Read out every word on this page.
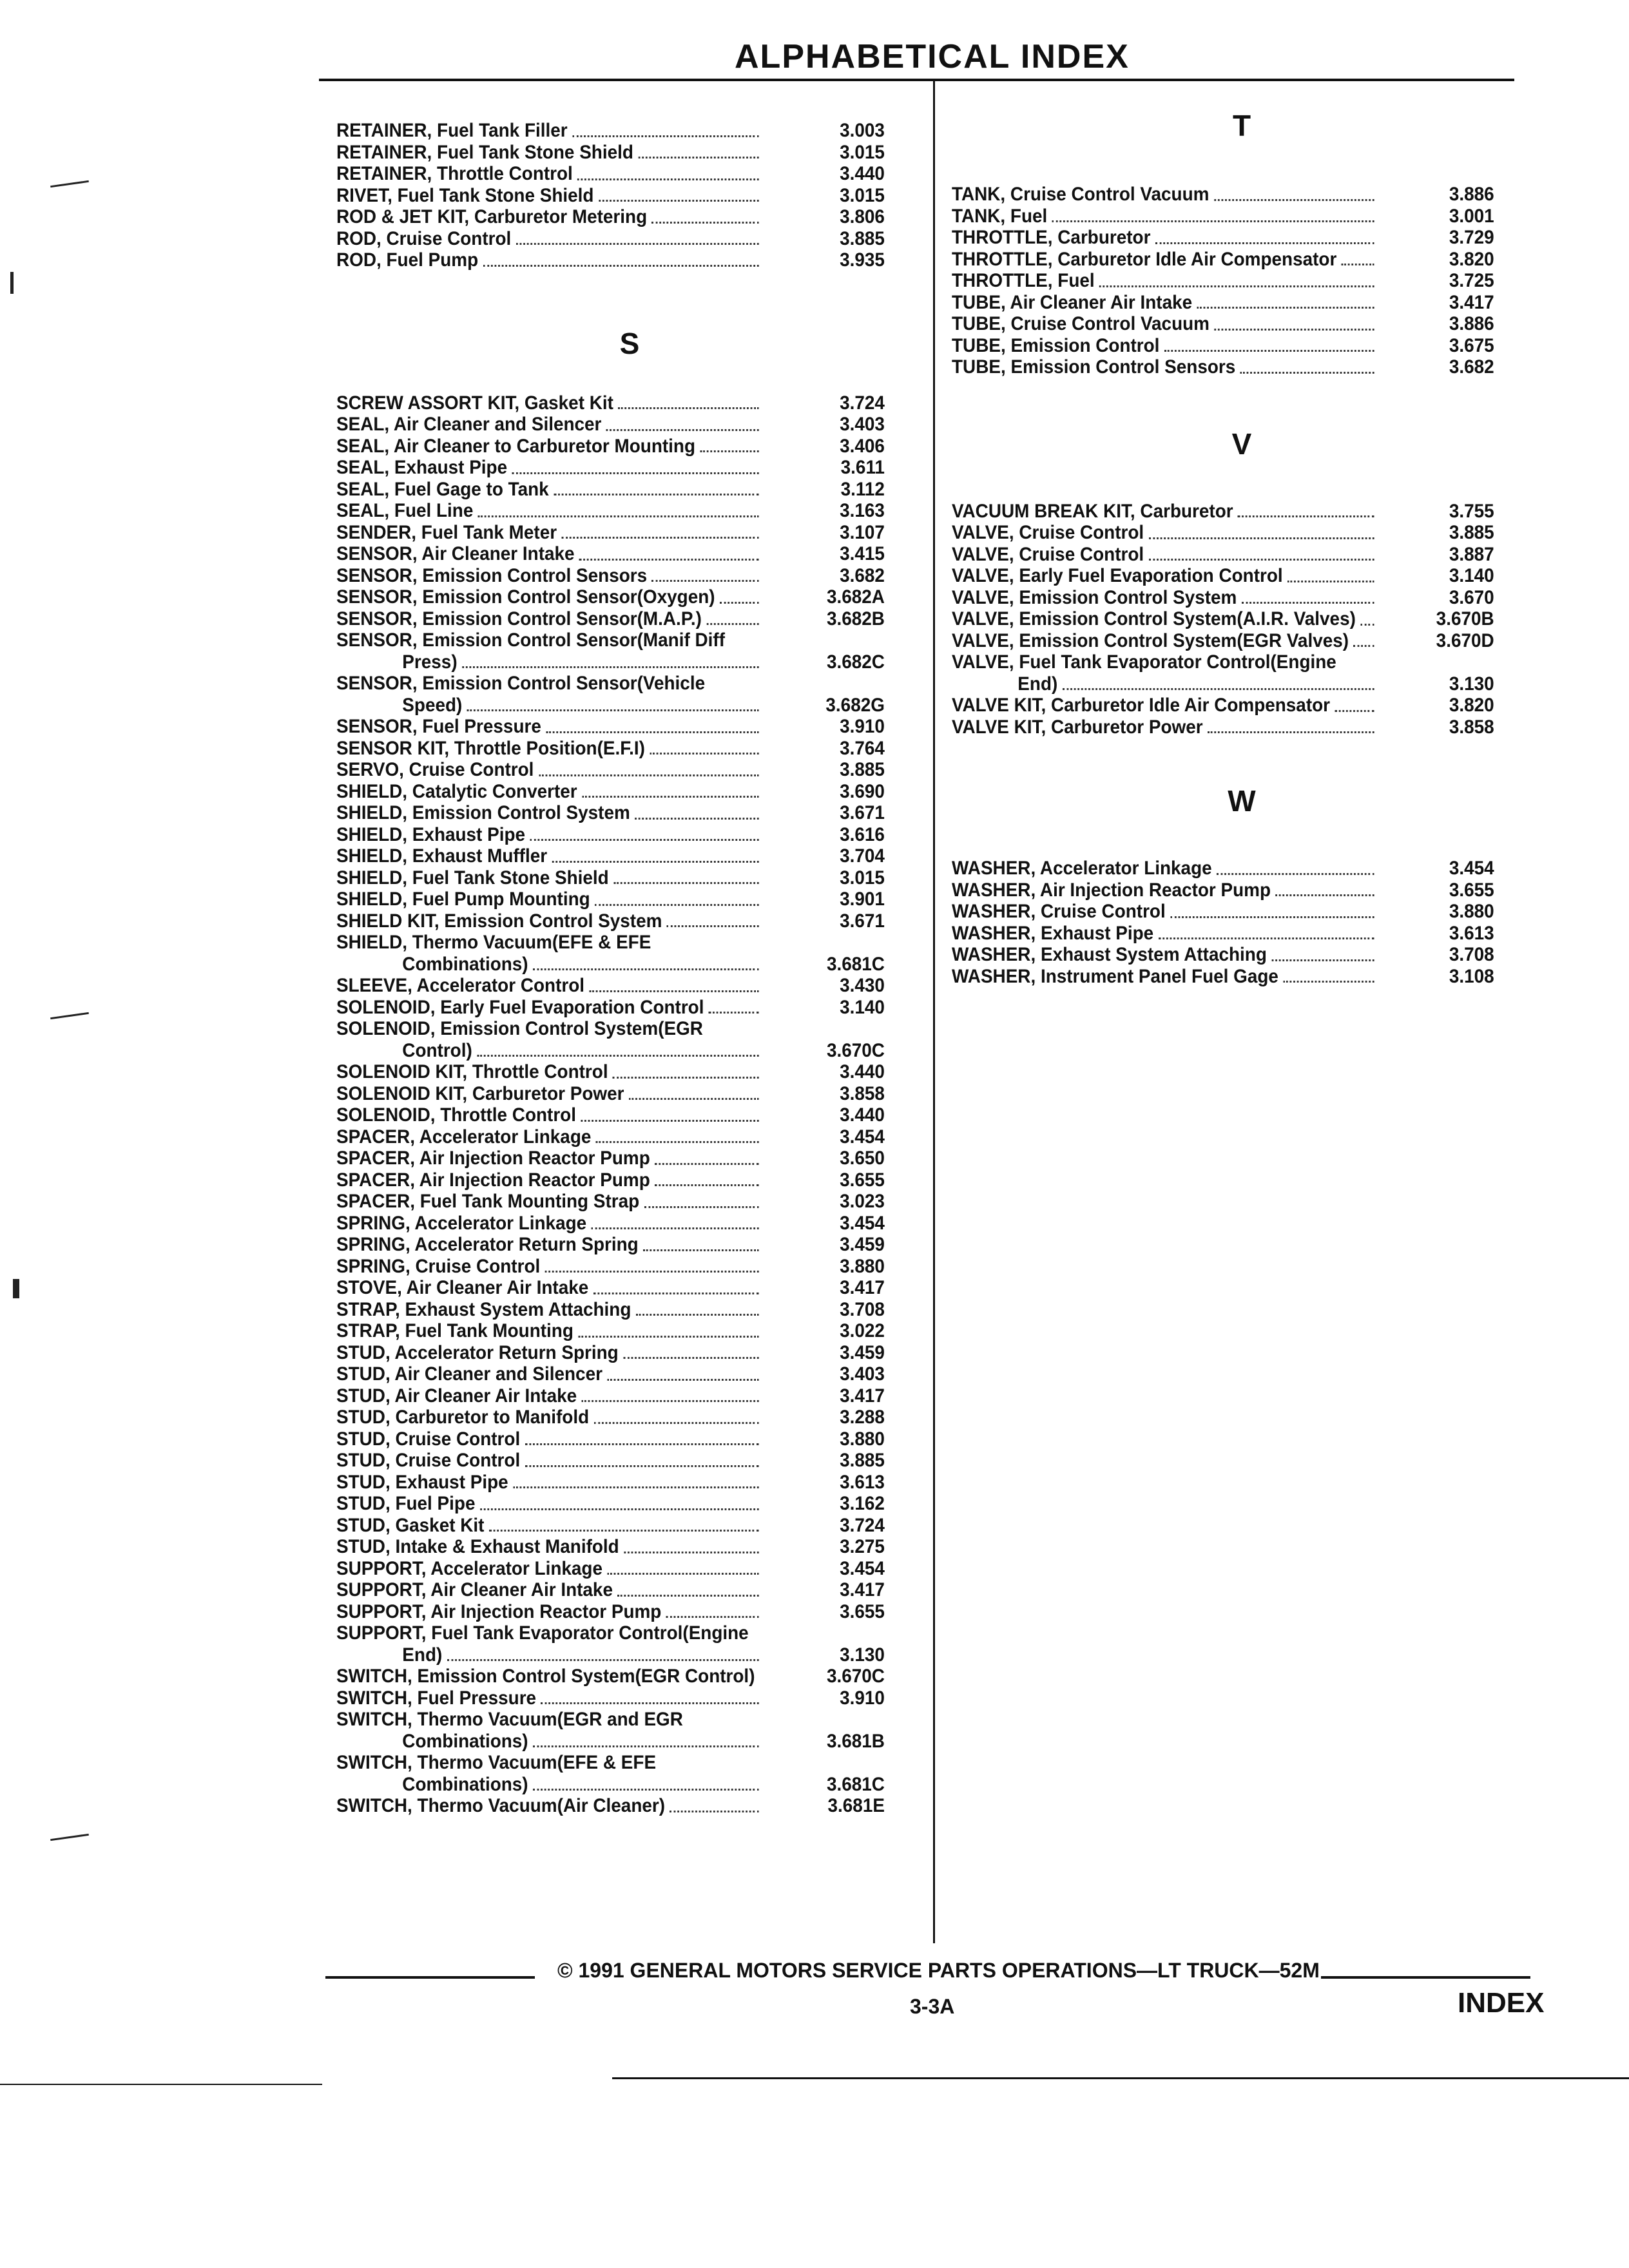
ALPHABETICAL INDEX
RETAINER, Fuel Tank Filler	3.003
RETAINER, Fuel Tank Stone Shield	3.015
RETAINER, Throttle Control	3.440
RIVET, Fuel Tank Stone Shield	3.015
ROD & JET KIT, Carburetor Metering	3.806
ROD, Cruise Control	3.885
ROD, Fuel Pump	3.935
S
SCREW ASSORT KIT, Gasket Kit	3.724
SEAL, Air Cleaner and Silencer	3.403
SEAL, Air Cleaner to Carburetor Mounting	3.406
SEAL, Exhaust Pipe	3.611
SEAL, Fuel Gage to Tank	3.112
SEAL, Fuel Line	3.163
SENDER, Fuel Tank Meter	3.107
SENSOR, Air Cleaner Intake	3.415
SENSOR, Emission Control Sensors	3.682
SENSOR, Emission Control Sensor(Oxygen)	3.682A
SENSOR, Emission Control Sensor(M.A.P.)	3.682B
SENSOR, Emission Control Sensor(Manif Diff
Press)	3.682C
SENSOR, Emission Control Sensor(Vehicle
Speed)	3.682G
SENSOR, Fuel Pressure	3.910
SENSOR KIT, Throttle Position(E.F.I)	3.764
SERVO, Cruise Control	3.885
SHIELD, Catalytic Converter	3.690
SHIELD, Emission Control System	3.671
SHIELD, Exhaust Pipe	3.616
SHIELD, Exhaust Muffler	3.704
SHIELD, Fuel Tank Stone Shield	3.015
SHIELD, Fuel Pump Mounting	3.901
SHIELD KIT, Emission Control System	3.671
SHIELD, Thermo Vacuum(EFE & EFE
Combinations)	3.681C
SLEEVE, Accelerator Control	3.430
SOLENOID, Early Fuel Evaporation Control	3.140
SOLENOID, Emission Control System(EGR
Control)	3.670C
SOLENOID KIT, Throttle Control	3.440
SOLENOID KIT, Carburetor Power	3.858
SOLENOID, Throttle Control	3.440
SPACER, Accelerator Linkage	3.454
SPACER, Air Injection Reactor Pump	3.650
SPACER, Air Injection Reactor Pump	3.655
SPACER, Fuel Tank Mounting Strap	3.023
SPRING, Accelerator Linkage	3.454
SPRING, Accelerator Return Spring	3.459
SPRING, Cruise Control	3.880
STOVE, Air Cleaner Air Intake	3.417
STRAP, Exhaust System Attaching	3.708
STRAP, Fuel Tank Mounting	3.022
STUD, Accelerator Return Spring	3.459
STUD, Air Cleaner and Silencer	3.403
STUD, Air Cleaner Air Intake	3.417
STUD, Carburetor to Manifold	3.288
STUD, Cruise Control	3.880
STUD, Cruise Control	3.885
STUD, Exhaust Pipe	3.613
STUD, Fuel Pipe	3.162
STUD, Gasket Kit	3.724
STUD, Intake & Exhaust Manifold	3.275
SUPPORT, Accelerator Linkage	3.454
SUPPORT, Air Cleaner Air Intake	3.417
SUPPORT, Air Injection Reactor Pump	3.655
SUPPORT, Fuel Tank Evaporator Control(Engine
End)	3.130
SWITCH, Emission Control System(EGR Control)	3.670C
SWITCH, Fuel Pressure	3.910
SWITCH, Thermo Vacuum(EGR and EGR
Combinations)	3.681B
SWITCH, Thermo Vacuum(EFE & EFE
Combinations)	3.681C
SWITCH, Thermo Vacuum(Air Cleaner)	3.681E
T
TANK, Cruise Control Vacuum	3.886
TANK, Fuel	3.001
THROTTLE, Carburetor	3.729
THROTTLE, Carburetor Idle Air Compensator	3.820
THROTTLE, Fuel	3.725
TUBE, Air Cleaner Air Intake	3.417
TUBE, Cruise Control Vacuum	3.886
TUBE, Emission Control	3.675
TUBE, Emission Control Sensors	3.682
V
VACUUM BREAK KIT, Carburetor	3.755
VALVE, Cruise Control	3.885
VALVE, Cruise Control	3.887
VALVE, Early Fuel Evaporation Control	3.140
VALVE, Emission Control System	3.670
VALVE, Emission Control System(A.I.R. Valves)	3.670B
VALVE, Emission Control System(EGR Valves)	3.670D
VALVE, Fuel Tank Evaporator Control(Engine
End)	3.130
VALVE KIT, Carburetor Idle Air Compensator	3.820
VALVE KIT, Carburetor Power	3.858
W
WASHER, Accelerator Linkage	3.454
WASHER, Air Injection Reactor Pump	3.655
WASHER, Cruise Control	3.880
WASHER, Exhaust Pipe	3.613
WASHER, Exhaust System Attaching	3.708
WASHER, Instrument Panel Fuel Gage	3.108
© 1991 GENERAL MOTORS SERVICE PARTS OPERATIONS—LT TRUCK—52M
3-3A	INDEX
